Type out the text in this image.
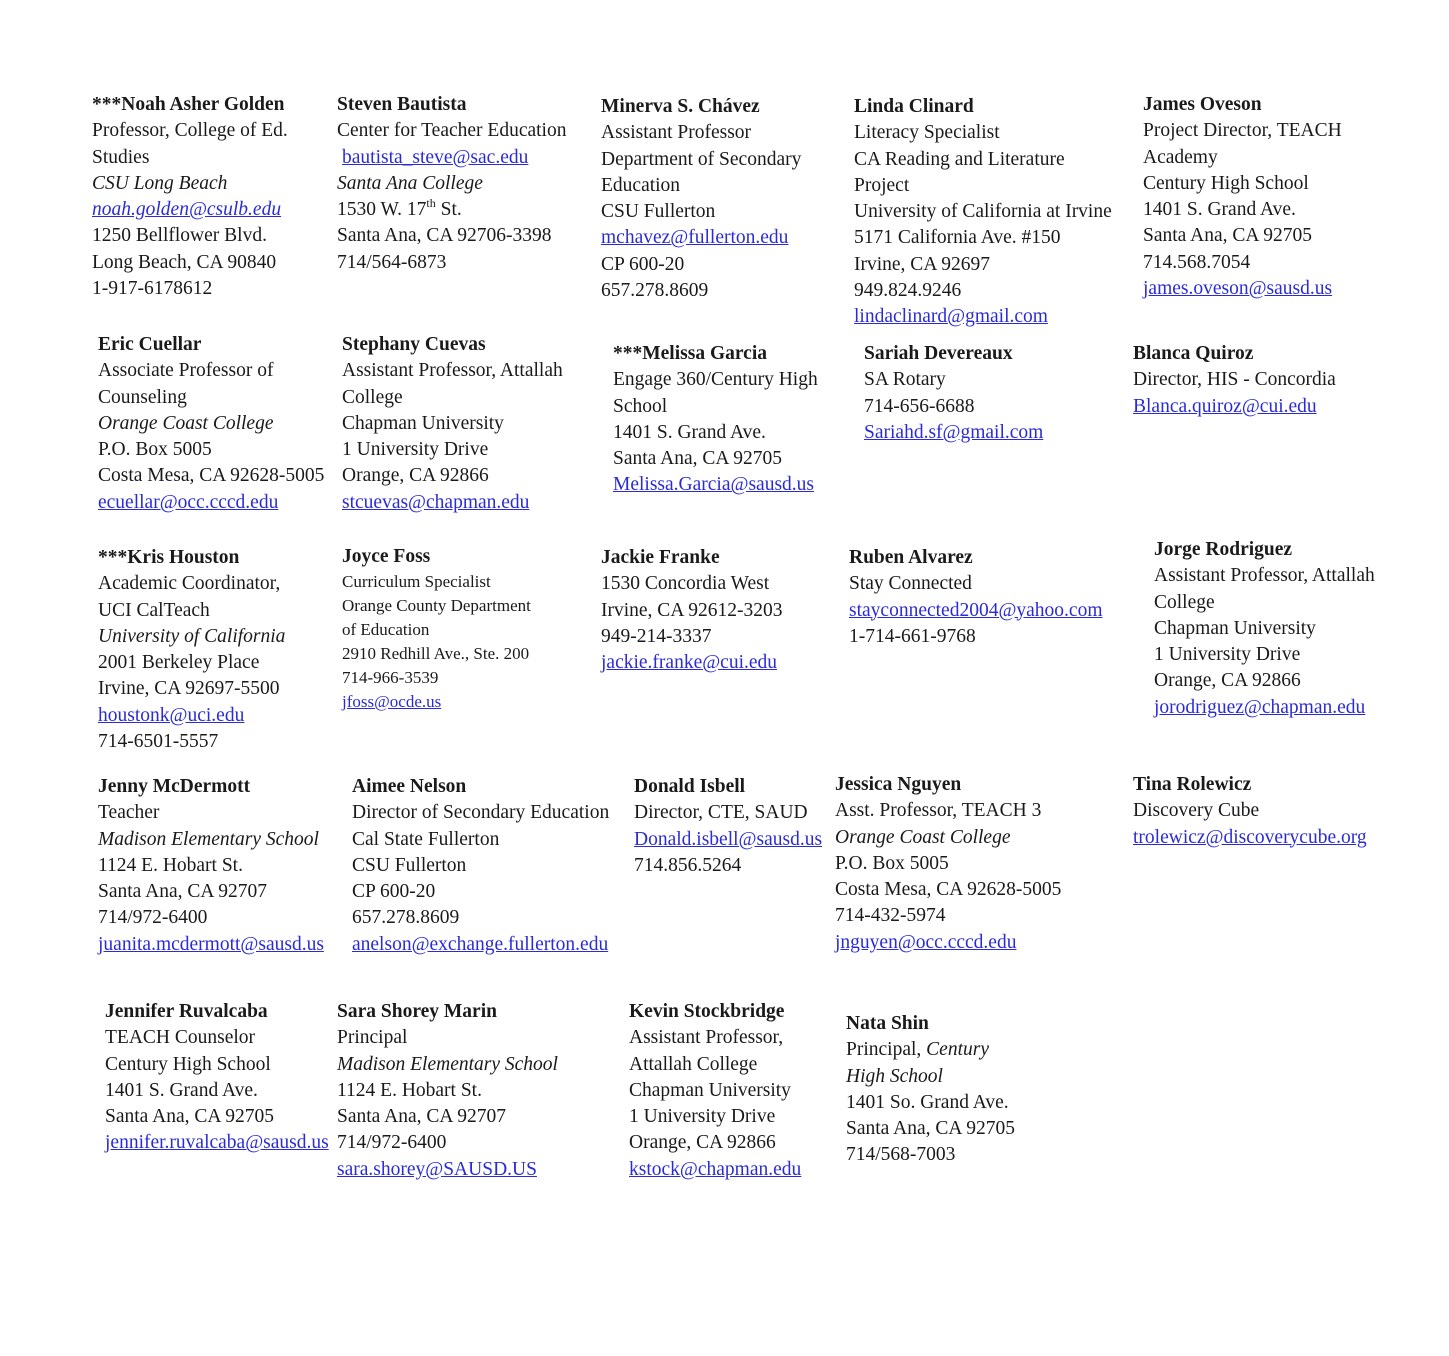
***Noah Asher Golden
Professor, College of Ed.
Studies
CSU Long Beach
noah.golden@csulb.edu
1250 Bellflower Blvd.
Long Beach, CA 90840
1-917-6178612
Steven Bautista
Center for Teacher Education
bautista_steve@sac.edu
Santa Ana College
1530 W. 17th St.
Santa Ana, CA 92706-3398
714/564-6873
Minerva S. Chávez
Assistant Professor
Department of Secondary
Education
CSU Fullerton
mchavez@fullerton.edu
CP 600-20
657.278.8609
Linda Clinard
Literacy Specialist
CA Reading and Literature
Project
University of California at Irvine
5171 California Ave. #150
Irvine, CA 92697
949.824.9246
lindaclinard@gmail.com
James Oveson
Project Director, TEACH
Academy
Century High School
1401 S. Grand Ave.
Santa Ana, CA 92705
714.568.7054
james.oveson@sausd.us
Eric Cuellar
Associate Professor of
Counseling
Orange Coast College
P.O. Box 5005
Costa Mesa, CA 92628-5005
ecuellar@occ.cccd.edu
Stephany Cuevas
Assistant Professor, Attallah
College
Chapman University
1 University Drive
Orange, CA 92866
stcuevas@chapman.edu
***Melissa Garcia
Engage 360/Century High
School
1401 S. Grand Ave.
Santa Ana, CA 92705
Melissa.Garcia@sausd.us
Sariah Devereaux
SA Rotary
714-656-6688
Sariahd.sf@gmail.com
Blanca Quiroz
Director, HIS - Concordia
Blanca.quiroz@cui.edu
***Kris Houston
Academic Coordinator,
UCI CalTeach
University of California
2001 Berkeley Place
Irvine, CA 92697-5500
houstonk@uci.edu
714-6501-5557
Joyce Foss
Curriculum Specialist
Orange County Department
of Education
2910 Redhill Ave., Ste. 200
714-966-3539
jfoss@ocde.us
Jackie Franke
1530 Concordia West
Irvine, CA 92612-3203
949-214-3337
jackie.franke@cui.edu
Ruben Alvarez
Stay Connected
stayconnected2004@yahoo.com
1-714-661-9768
Jorge Rodriguez
Assistant Professor, Attallah
College
Chapman University
1 University Drive
Orange, CA 92866
jorodriguez@chapman.edu
Jenny McDermott
Teacher
Madison Elementary School
1124 E. Hobart St.
Santa Ana, CA 92707
714/972-6400
juanita.mcdermott@sausd.us
Aimee Nelson
Director of Secondary Education
Cal State Fullerton
CSU Fullerton
CP 600-20
657.278.8609
anelson@exchange.fullerton.edu
Donald Isbell
Director, CTE, SAUD
Donald.isbell@sausd.us
714.856.5264
Jessica Nguyen
Asst. Professor, TEACH 3
Orange Coast College
P.O. Box 5005
Costa Mesa, CA 92628-5005
714-432-5974
jnguyen@occ.cccd.edu
Tina Rolewicz
Discovery Cube
trolewicz@discoverycube.org
Jennifer Ruvalcaba
TEACH Counselor
Century High School
1401 S. Grand Ave.
Santa Ana, CA 92705
jennifer.ruvalcaba@sausd.us
Sara Shorey Marin
Principal
Madison Elementary School
1124 E. Hobart St.
Santa Ana, CA 92707
714/972-6400
sara.shorey@SAUSD.US
Kevin Stockbridge
Assistant Professor,
Attallah College
Chapman University
1 University Drive
Orange, CA 92866
kstock@chapman.edu
Nata Shin
Principal, Century
High School
1401 So. Grand Ave.
Santa Ana, CA 92705
714/568-7003
